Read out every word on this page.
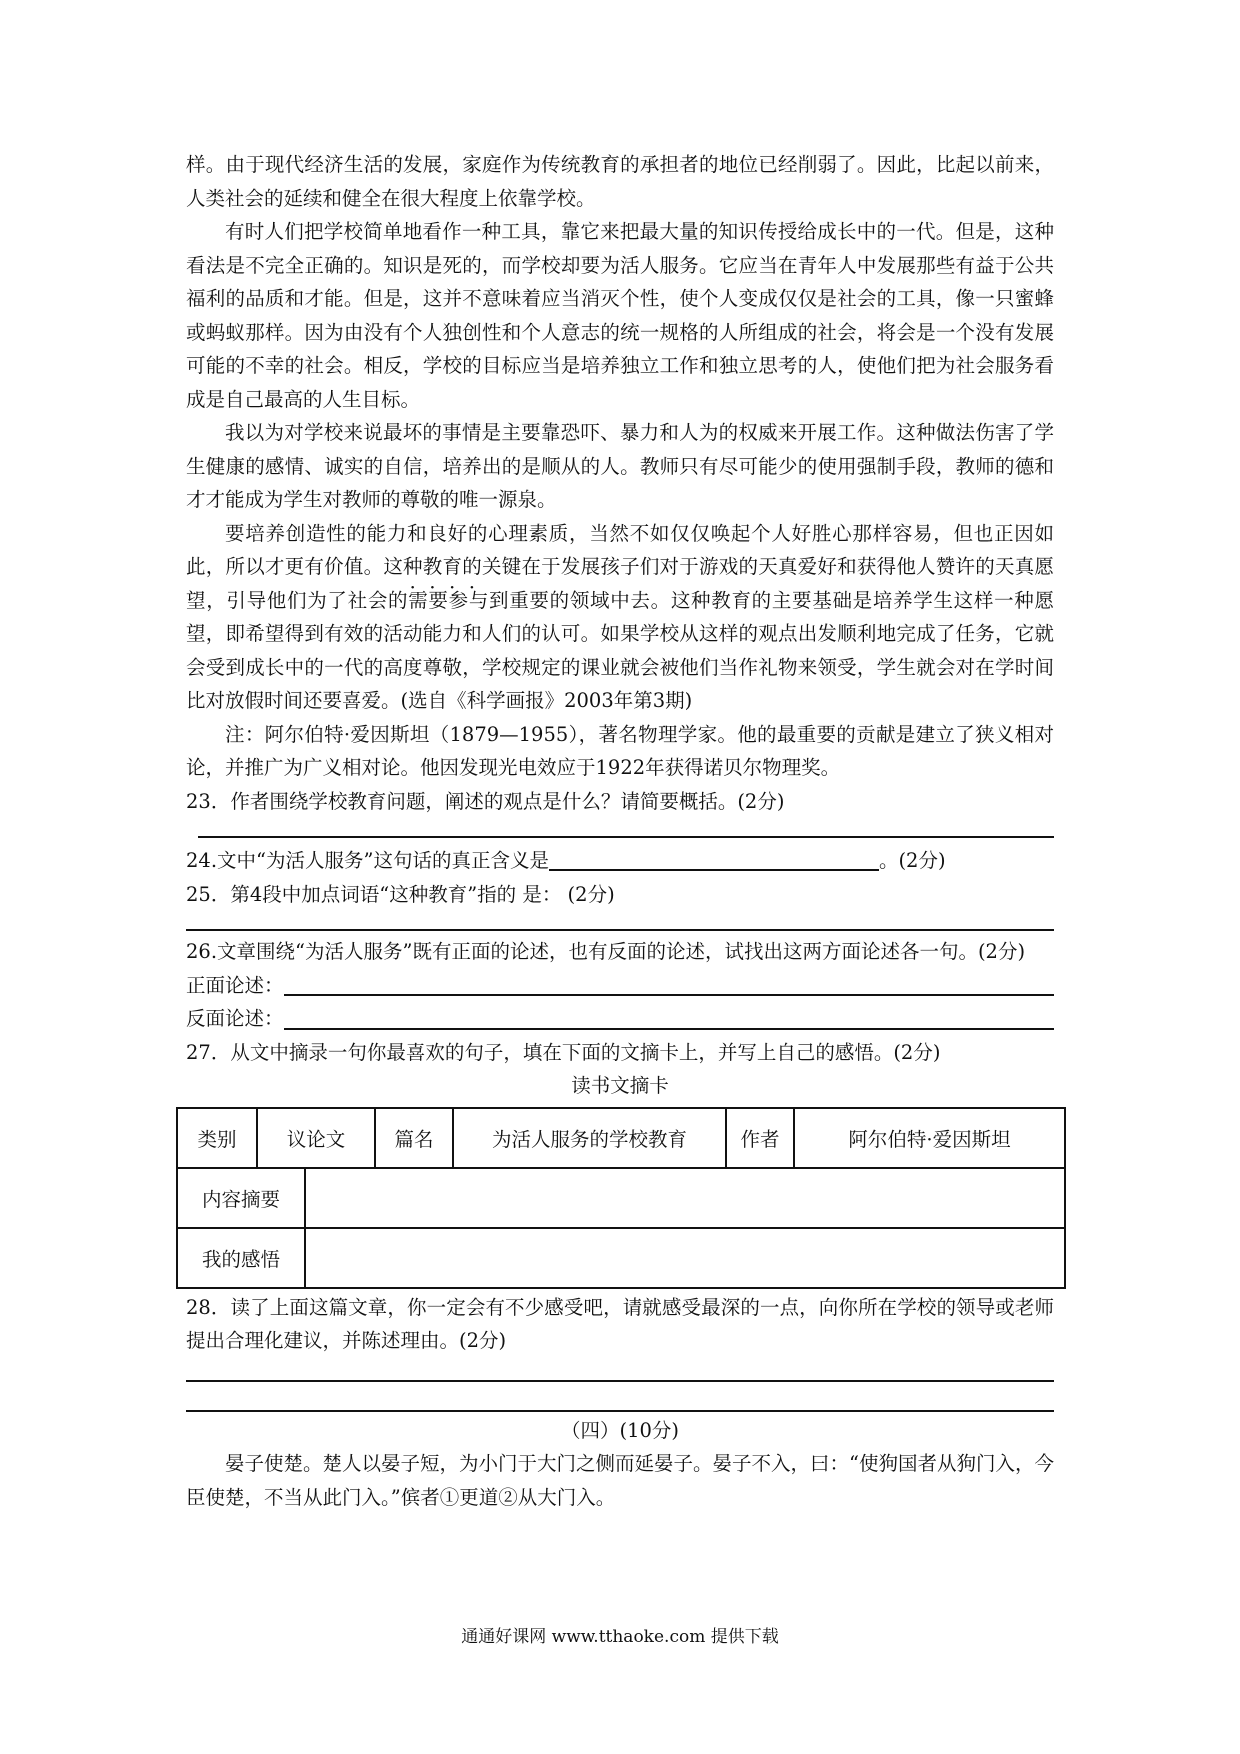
样。由于现代经济生活的发展，家庭作为传统教育的承担者的地位已经削弱了。因此，比起以前来，人类社会的延续和健全在很大程度上依靠学校。

有时人们把学校简单地看作一种工具，靠它来把最大量的知识传授给成长中的一代。但是，这种看法是不完全正确的。知识是死的，而学校却要为活人服务。它应当在青年人中发展那些有益于公共福利的品质和才能。但是，这并不意味着应当消灭个性，使个人变成仅仅是社会的工具，像一只蜜蜂或蚂蚁那样。因为由没有个人独创性和个人意志的统一规格的人所组成的社会，将会是一个没有发展可能的不幸的社会。相反，学校的目标应当是培养独立工作和独立思考的人，使他们把为社会服务看成是自己最高的人生目标。

我以为对学校来说最坏的事情是主要靠恐吓、暴力和人为的权威来开展工作。这种做法伤害了学生健康的感情、诚实的自信，培养出的是顺从的人。教师只有尽可能少的使用强制手段，教师的德和才才能成为学生对教师的尊敬的唯一源泉。

要培养创造性的能力和良好的心理素质，当然不如仅仅唤起个人好胜心那样容易，但也正因如此，所以才更有价值。这种教育的关键在于发展孩子们对于游戏的天真爱好和获得他人赞许的天真愿望，引导他们为了社会的需要参与到重要的领域中去。这种教育的主要基础是培养学生这样一种愿望，即希望得到有效的活动能力和人们的认可。如果学校从这样的观点出发顺利地完成了任务，它就会受到成长中的一代的高度尊敬，学校规定的课业就会被他们当作礼物来领受，学生就会对在学时间比对放假时间还要喜爱。(选自《科学画报》2003年第3期)

注：阿尔伯特·爱因斯坦（1879—1955），著名物理学家。他的最重要的贡献是建立了狭义相对论，并推广为广义相对论。他因发现光电效应于1922年获得诺贝尔物理奖。

23．作者围绕学校教育问题，阐述的观点是什么？请简要概括。(2分)

24.文中“为活人服务”这句话的真正含义是	。(2分)

25．第4段中加点词语“这种教育”指的 是： (2分)

26.文章围绕“为活人服务”既有正面的论述，也有反面的论述，试找出这两方面论述各一句。(2分)

正面论述：
反面论述：

27．从文中摘录一句你最喜欢的句子，填在下面的文摘卡上，并写上自己的感悟。(2分)

读书文摘卡

类别	议论文	篇名	为活人服务的学校教育	作者	阿尔伯特·爱因斯坦
内容摘要	
我的感悟	

28．读了上面这篇文章，你一定会有不少感受吧，请就感受最深的一点，向你所在学校的领导或老师提出合理化建议，并陈述理由。(2分)

（四）(10分)

晏子使楚。楚人以晏子短，为小门于大门之侧而延晏子。晏子不入，曰：“使狗国者从狗门入，今臣使楚，不当从此门入。”傧者①更道②从大门入。

通通好课网 www.tthaoke.com 提供下载
